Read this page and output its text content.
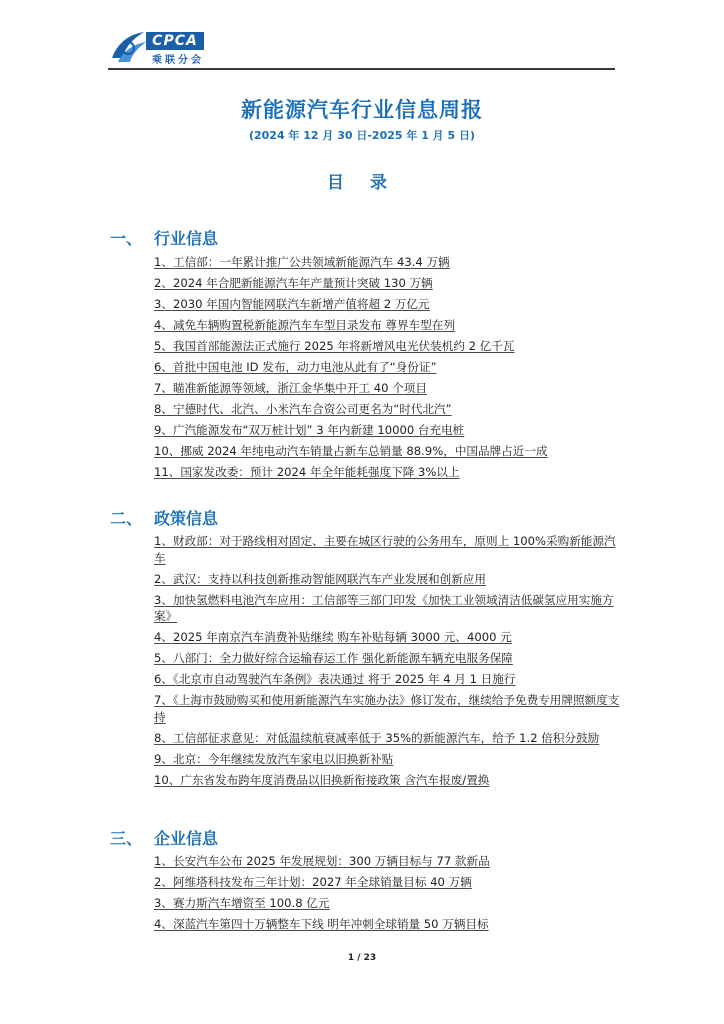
CPCA
乘联分会
新能源汽车行业信息周报
(2024 年 12 月 30 日-2025 年 1 月 5 日)
目 录
一、 行业信息
1、工信部：一年累计推广公共领域新能源汽车 43.4 万辆
2、2024 年合肥新能源汽车年产量预计突破 130 万辆
3、2030 年国内智能网联汽车新增产值将超 2 万亿元
4、减免车辆购置税新能源汽车车型目录发布 尊界车型在列
5、我国首部能源法正式施行 2025 年将新增风电光伏装机约 2 亿千瓦
6、首批中国电池 ID 发布，动力电池从此有了“身份证”
7、瞄准新能源等领域，浙江金华集中开工 40 个项目
8、宁德时代、北汽、小米汽车合资公司更名为“时代北汽”
9、广汽能源发布“双万桩计划” 3 年内新建 10000 台充电桩
10、挪威 2024 年纯电动汽车销量占新车总销量 88.9%，中国品牌占近一成
11、国家发改委：预计 2024 年全年能耗强度下降 3%以上
二、 政策信息
1、财政部：对于路线相对固定、主要在城区行驶的公务用车，原则上 100%采购新能源汽车
2、武汉：支持以科技创新推动智能网联汽车产业发展和创新应用
3、加快氢燃料电池汽车应用：工信部等三部门印发《加快工业领域清洁低碳氢应用实施方案》
4、2025 年南京汽车消费补贴继续 购车补贴每辆 3000 元、4000 元
5、八部门：全力做好综合运输春运工作 强化新能源车辆充电服务保障
6、《北京市自动驾驶汽车条例》表决通过 将于 2025 年 4 月 1 日施行
7、《上海市鼓励购买和使用新能源汽车实施办法》修订发布，继续给予免费专用牌照额度支持
8、工信部征求意见：对低温续航衰减率低于 35%的新能源汽车，给予 1.2 倍积分鼓励
9、北京：今年继续发放汽车家电以旧换新补贴
10、广东省发布跨年度消费品以旧换新衔接政策 含汽车报废/置换
三、 企业信息
1、长安汽车公布 2025 年发展规划：300 万辆目标与 77 款新品
2、阿维塔科技发布三年计划：2027 年全球销量目标 40 万辆
3、赛力斯汽车增资至 100.8 亿元
4、深蓝汽车第四十万辆整车下线 明年冲刺全球销量 50 万辆目标
1 / 23
